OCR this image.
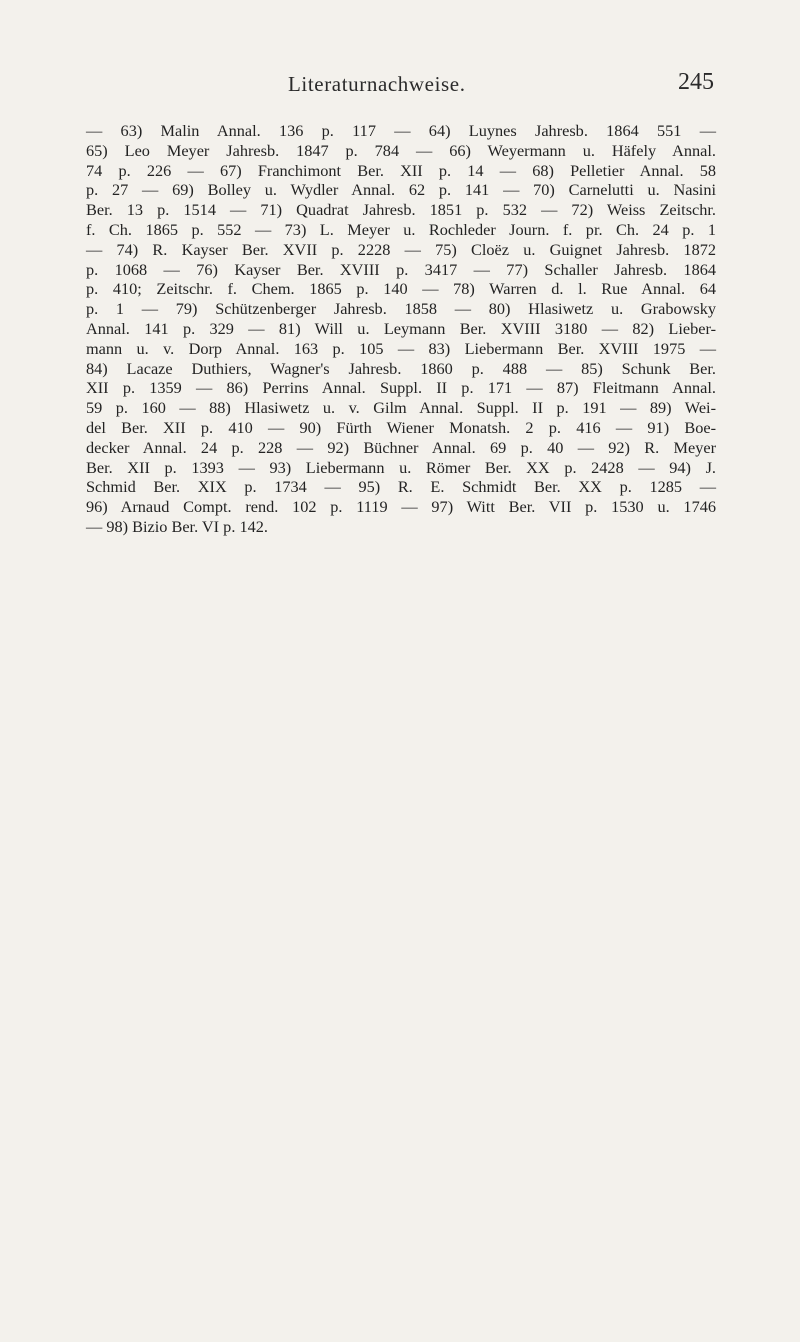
Literaturnachweise.	245
— 63) Malin Annal. 136 p. 117 — 64) Luynes Jahresb. 1864 551 —
65) Leo Meyer Jahresb. 1847 p. 784 — 66) Weyermann u. Häfely Annal.
74 p. 226 — 67) Franchimont Ber. XII p. 14 — 68) Pelletier Annal. 58
p. 27 — 69) Bolley u. Wydler Annal. 62 p. 141 — 70) Carnelutti u. Nasini
Ber. 13 p. 1514 — 71) Quadrat Jahresb. 1851 p. 532 — 72) Weiss Zeitschr.
f. Ch. 1865 p. 552 — 73) L. Meyer u. Rochleder Journ. f. pr. Ch. 24 p. 1
— 74) R. Kayser Ber. XVII p. 2228 — 75) Cloëz u. Guignet Jahresb. 1872
p. 1068 — 76) Kayser Ber. XVIII p. 3417 — 77) Schaller Jahresb. 1864
p. 410; Zeitschr. f. Chem. 1865 p. 140 — 78) Warren d. l. Rue Annal. 64
p. 1 — 79) Schützenberger Jahresb. 1858 — 80) Hlasiwetz u. Grabowsky
Annal. 141 p. 329 — 81) Will u. Leymann Ber. XVIII 3180 — 82) Lieber-
mann u. v. Dorp Annal. 163 p. 105 — 83) Liebermann Ber. XVIII 1975 —
84) Lacaze Duthiers, Wagner's Jahresb. 1860 p. 488 — 85) Schunk Ber.
XII p. 1359 — 86) Perrins Annal. Suppl. II p. 171 — 87) Fleitmann Annal.
59 p. 160 — 88) Hlasiwetz u. v. Gilm Annal. Suppl. II p. 191 — 89) Wei-
del Ber. XII p. 410 — 90) Fürth Wiener Monatsh. 2 p. 416 — 91) Boe-
decker Annal. 24 p. 228 — 92) Büchner Annal. 69 p. 40 — 92) R. Meyer
Ber. XII p. 1393 — 93) Liebermann u. Römer Ber. XX p. 2428 — 94) J.
Schmid Ber. XIX p. 1734 — 95) R. E. Schmidt Ber. XX p. 1285 —
96) Arnaud Compt. rend. 102 p. 1119 — 97) Witt Ber. VII p. 1530 u. 1746
— 98) Bizio Ber. VI p. 142.
